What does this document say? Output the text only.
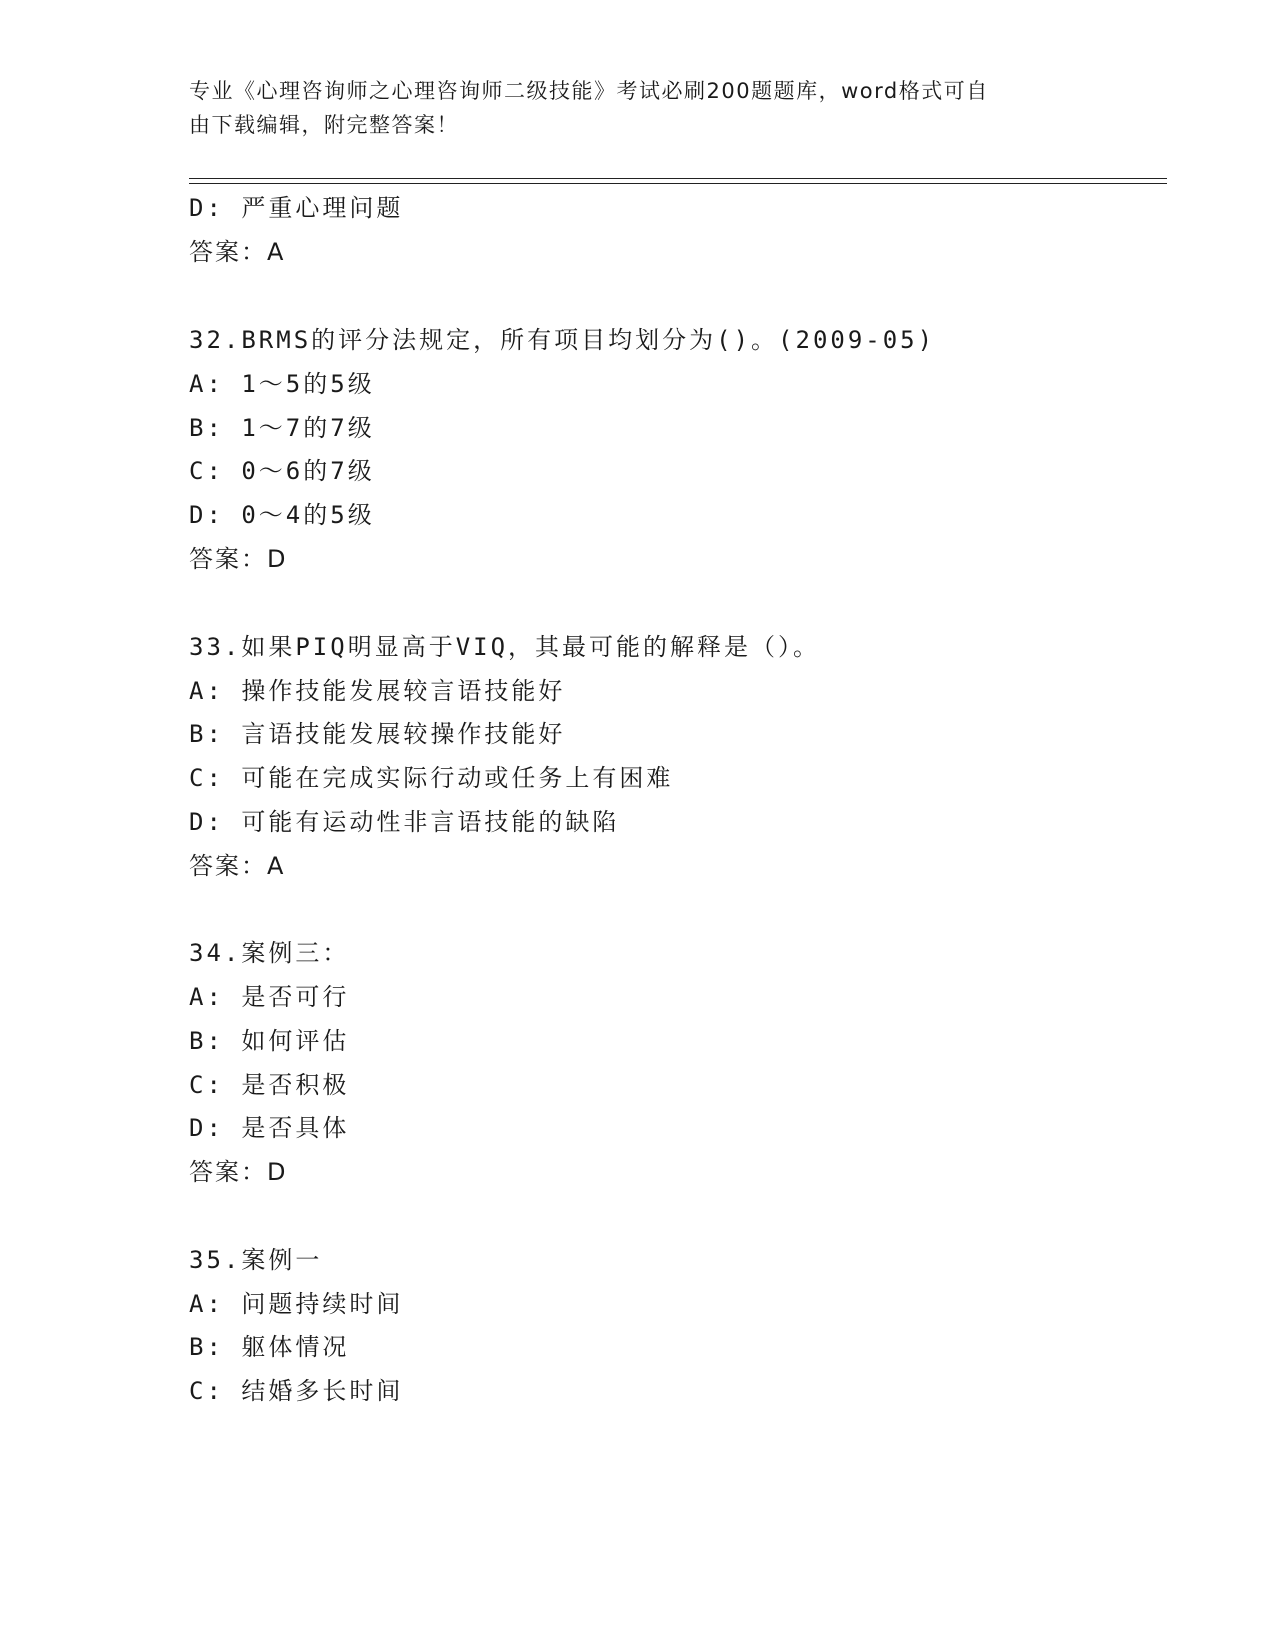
专业《心理咨询师之心理咨询师二级技能》考试必刷200题题库，word格式可自
由下载编辑，附完整答案！
D: 严重心理问题
答案：A
32.BRMS的评分法规定，所有项目均划分为()。(2009-05)
A: 1～5的5级
B: 1～7的7级
C: 0～6的7级
D: 0～4的5级
答案：D
33.如果PIQ明显高于VIQ，其最可能的解释是（）。
A: 操作技能发展较言语技能好
B: 言语技能发展较操作技能好
C: 可能在完成实际行动或任务上有困难
D: 可能有运动性非言语技能的缺陷
答案：A
34.案例三：
A: 是否可行
B: 如何评估
C: 是否积极
D: 是否具体
答案：D
35.案例一
A: 问题持续时间
B: 躯体情况
C: 结婚多长时间
